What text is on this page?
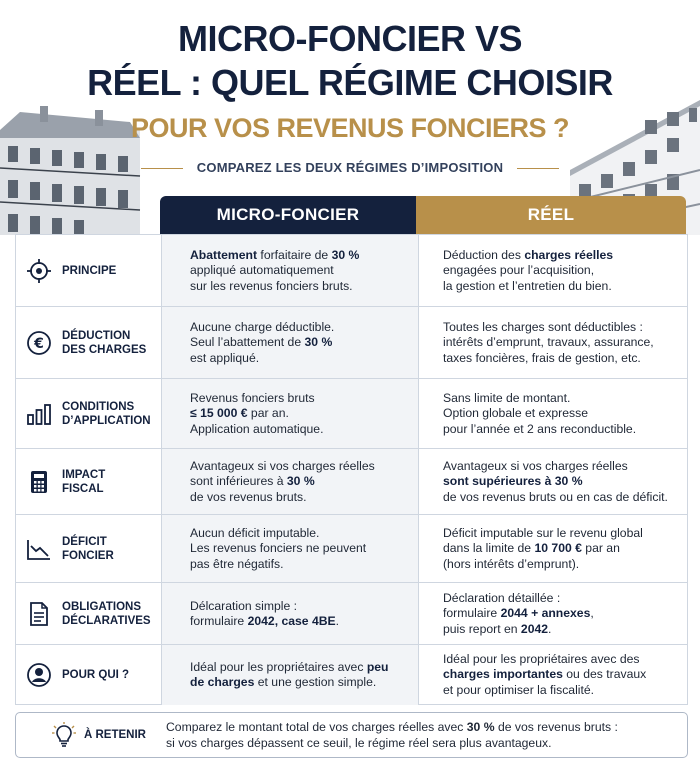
MICRO-FONCIER VS
RÉEL : QUEL RÉGIME CHOISIR
POUR VOS REVENUS FONCIERS ?
COMPAREZ LES DEUX RÉGIMES D’IMPOSITION
MICRO-FONCIER	RÉEL
PRINCIPE
Abattement forfaitaire de 30 %
appliqué automatiquement
sur les revenus fonciers bruts.
Déduction des charges réelles
engagées pour l’acquisition,
la gestion et l’entretien du bien.
€ DÉDUCTION
DES CHARGES
Aucune charge déductible.
Seul l’abattement de 30 %
est appliqué.
Toutes les charges sont déductibles :
intérêts d’emprunt, travaux, assurance,
taxes foncières, frais de gestion, etc.
CONDITIONS
D’APPLICATION
Revenus fonciers bruts
≤ 15 000 € par an.
Application automatique.
Sans limite de montant.
Option globale et expresse
pour l’année et 2 ans reconductible.
IMPACT
FISCAL
Avantageux si vos charges réelles
sont inférieures à 30 %
de vos revenus bruts.
Avantageux si vos charges réelles
sont supérieures à 30 %
de vos revenus bruts ou en cas de déficit.
DÉFICIT
FONCIER
Aucun déficit imputable.
Les revenus fonciers ne peuvent
pas être négatifs.
Déficit imputable sur le revenu global
dans la limite de 10 700 € par an
(hors intérêts d’emprunt).
OBLIGATIONS
DÉCLARATIVES
Délcaration simple :
formulaire 2042, case 4BE.
Déclaration détaillée :
formulaire 2044 + annexes,
puis report en 2042.
POUR QUI ?
Idéal pour les propriétaires avec peu
de charges et une gestion simple.
Idéal pour les propriétaires avec des
charges importantes ou des travaux
et pour optimiser la fiscalité.
À RETENIR
Comparez le montant total de vos charges réelles avec 30 % de vos revenus bruts :
si vos charges dépassent ce seuil, le régime réel sera plus avantageux.
